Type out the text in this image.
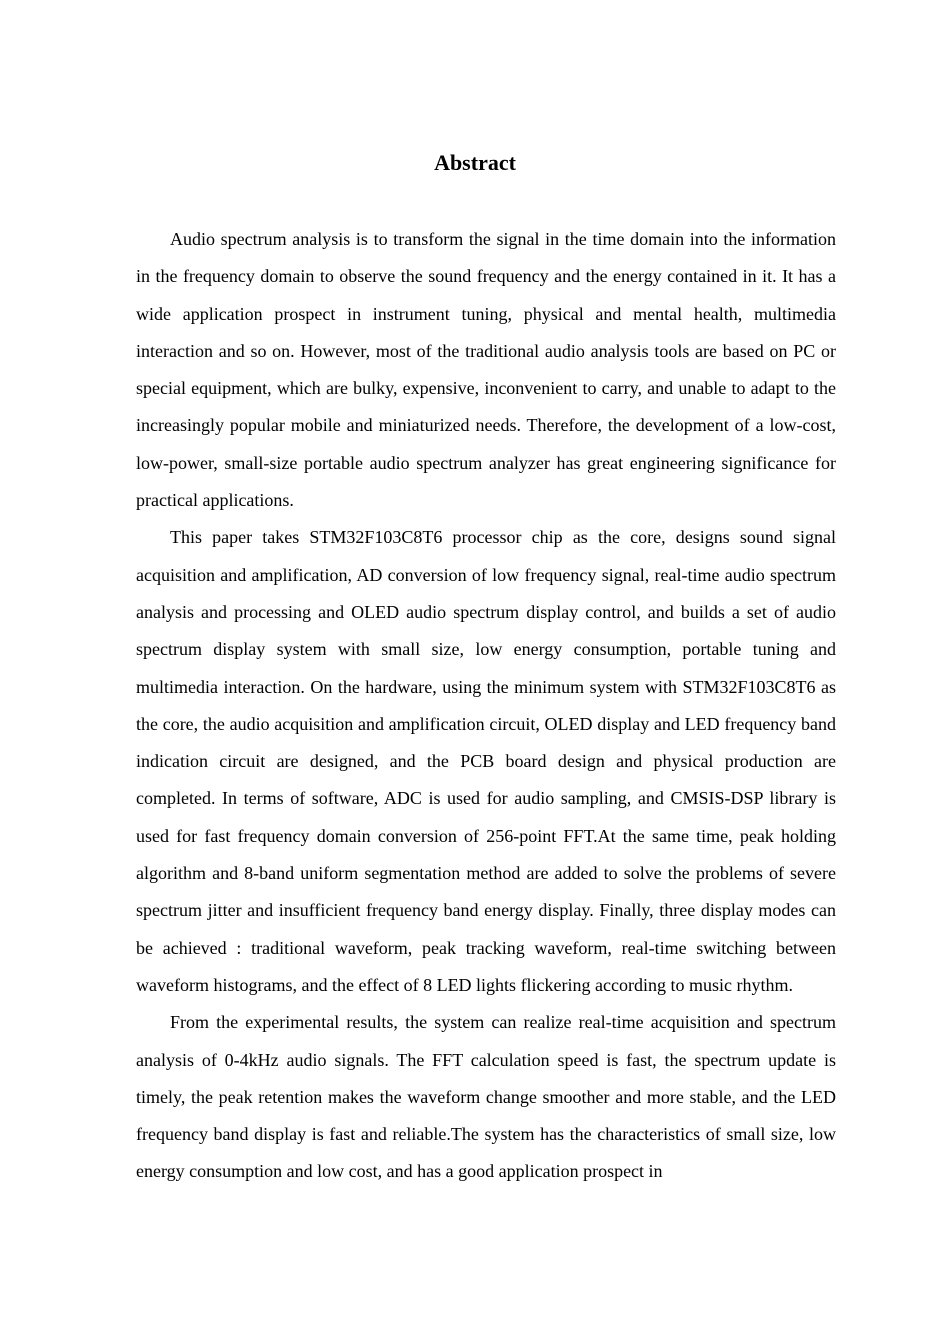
Abstract

Audio spectrum analysis is to transform the signal in the time domain into the information in the frequency domain to observe the sound frequency and the energy contained in it. It has a wide application prospect in instrument tuning, physical and mental health, multimedia interaction and so on. However, most of the traditional audio analysis tools are based on PC or special equipment, which are bulky, expensive, inconvenient to carry, and unable to adapt to the increasingly popular mobile and miniaturized needs. Therefore, the development of a low-cost, low-power, small-size portable audio spectrum analyzer has great engineering significance for practical applications.

This paper takes STM32F103C8T6 processor chip as the core, designs sound signal acquisition and amplification, AD conversion of low frequency signal, real-time audio spectrum analysis and processing and OLED audio spectrum display control, and builds a set of audio spectrum display system with small size, low energy consumption, portable tuning and multimedia interaction. On the hardware, using the minimum system with STM32F103C8T6 as the core, the audio acquisition and amplification circuit, OLED display and LED frequency band indication circuit are designed, and the PCB board design and physical production are completed. In terms of software, ADC is used for audio sampling, and CMSIS-DSP library is used for fast frequency domain conversion of 256-point FFT.At the same time, peak holding algorithm and 8-band uniform segmentation method are added to solve the problems of severe spectrum jitter and insufficient frequency band energy display. Finally, three display modes can be achieved : traditional waveform, peak tracking waveform, real-time switching between waveform histograms, and the effect of 8 LED lights flickering according to music rhythm.

From the experimental results, the system can realize real-time acquisition and spectrum analysis of 0-4kHz audio signals. The FFT calculation speed is fast, the spectrum update is timely, the peak retention makes the waveform change smoother and more stable, and the LED frequency band display is fast and reliable.The system has the characteristics of small size, low energy consumption and low cost, and has a good application prospect in
